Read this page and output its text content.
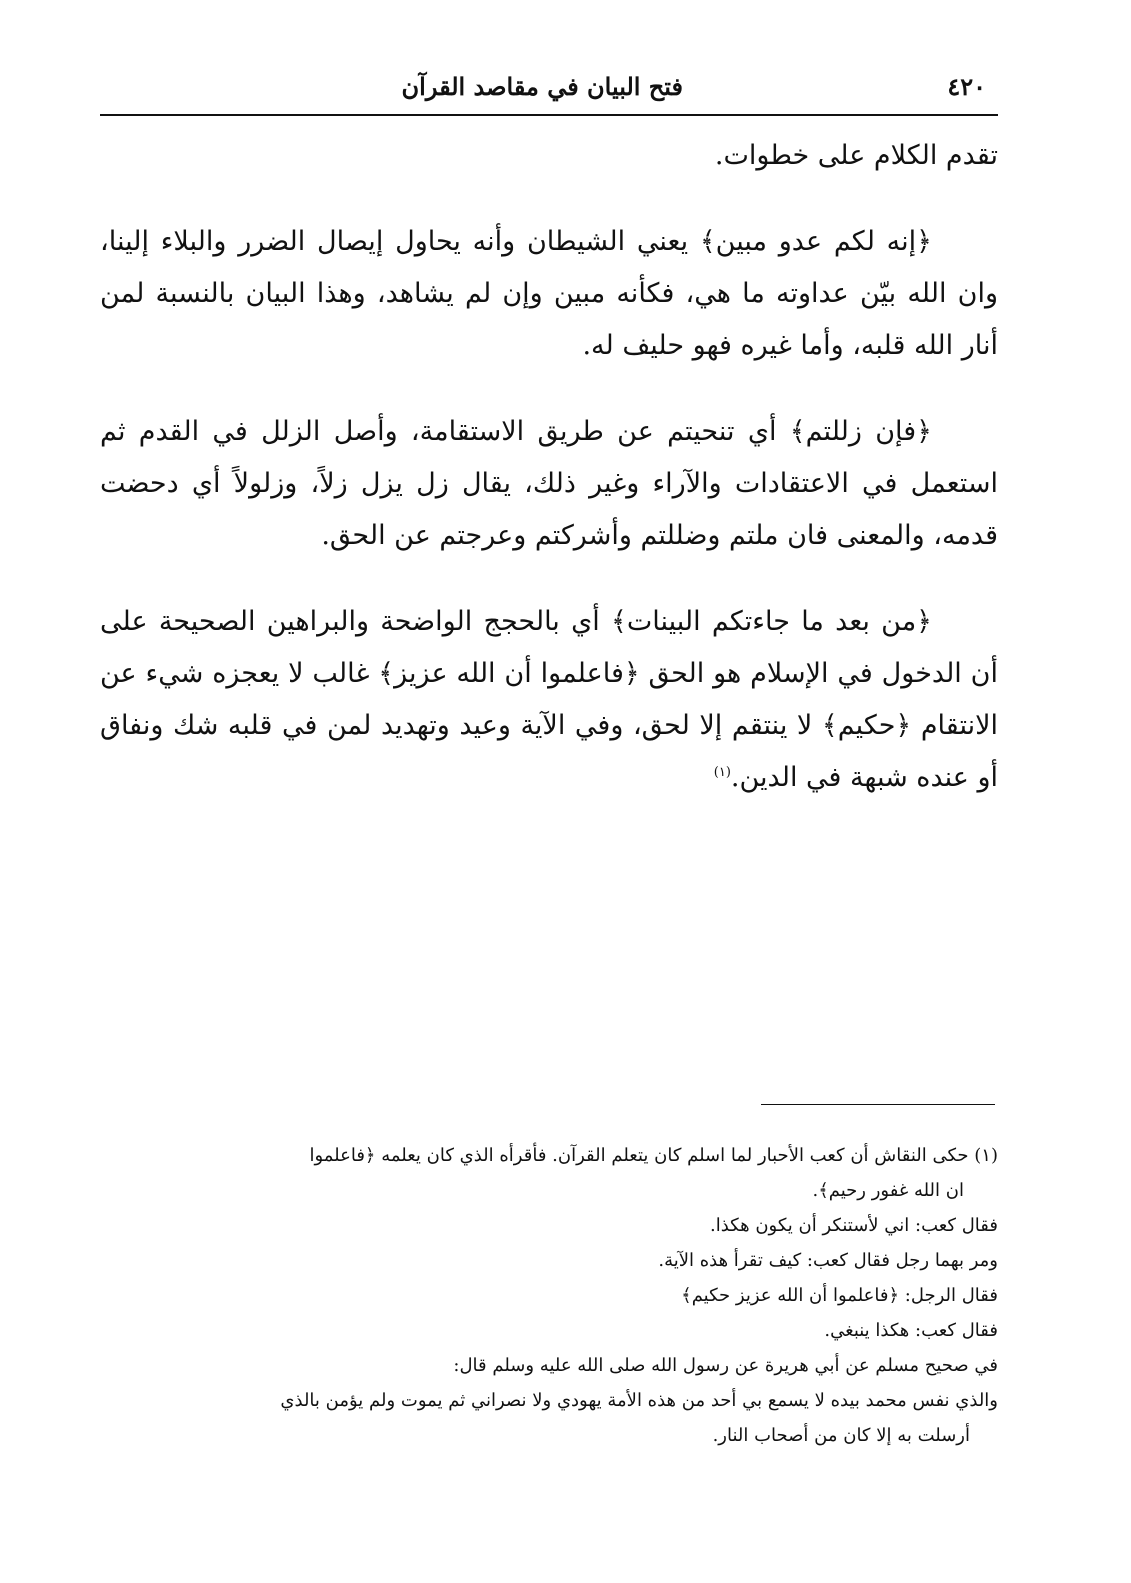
٤٢٠

فتح البيان في مقاصد القرآن

تقدم الكلام على خطوات.

﴿إنه لكم عدو مبين﴾ يعني الشيطان وأنه يحاول إيصال الضرر والبلاء إلينا، وان الله بيّن عداوته ما هي، فكأنه مبين وإن لم يشاهد، وهذا البيان بالنسبة لمن أنار الله قلبه، وأما غيره فهو حليف له.

﴿فإن زللتم﴾ أي تنحيتم عن طريق الاستقامة، وأصل الزلل في القدم ثم استعمل في الاعتقادات والآراء وغير ذلك، يقال زل يزل زلاً، وزلولاً أي دحضت قدمه، والمعنى فان ملتم وضللتم وأشركتم وعرجتم عن الحق.

﴿من بعد ما جاءتكم البينات﴾ أي بالحجج الواضحة والبراهين الصحيحة على أن الدخول في الإسلام هو الحق ﴿فاعلموا أن الله عزيز﴾ غالب لا يعجزه شيء عن الانتقام ﴿حكيم﴾ لا ينتقم إلا لحق، وفي الآية وعيد وتهديد لمن في قلبه شك ونفاق أو عنده شبهة في الدين.$^{(١)}$

(١) حكى النقاش أن كعب الأحبار لما اسلم كان يتعلم القرآن. فأقرأه الذي كان يعلمه ﴿فاعلموا

ان الله غفور رحيم﴾.

فقال كعب: اني لأستنكر أن يكون هكذا.

ومر بهما رجل فقال كعب: كيف تقرأ هذه الآية.

فقال الرجل: ﴿فاعلموا أن الله عزيز حكيم﴾

فقال كعب: هكذا ينبغي.

في صحيح مسلم عن أبي هريرة عن رسول الله صلى الله عليه وسلم قال:

والذي نفس محمد بيده لا يسمع بي أحد من هذه الأمة يهودي ولا نصراني ثم يموت ولم يؤمن بالذي

أرسلت به إلا كان من أصحاب النار.
